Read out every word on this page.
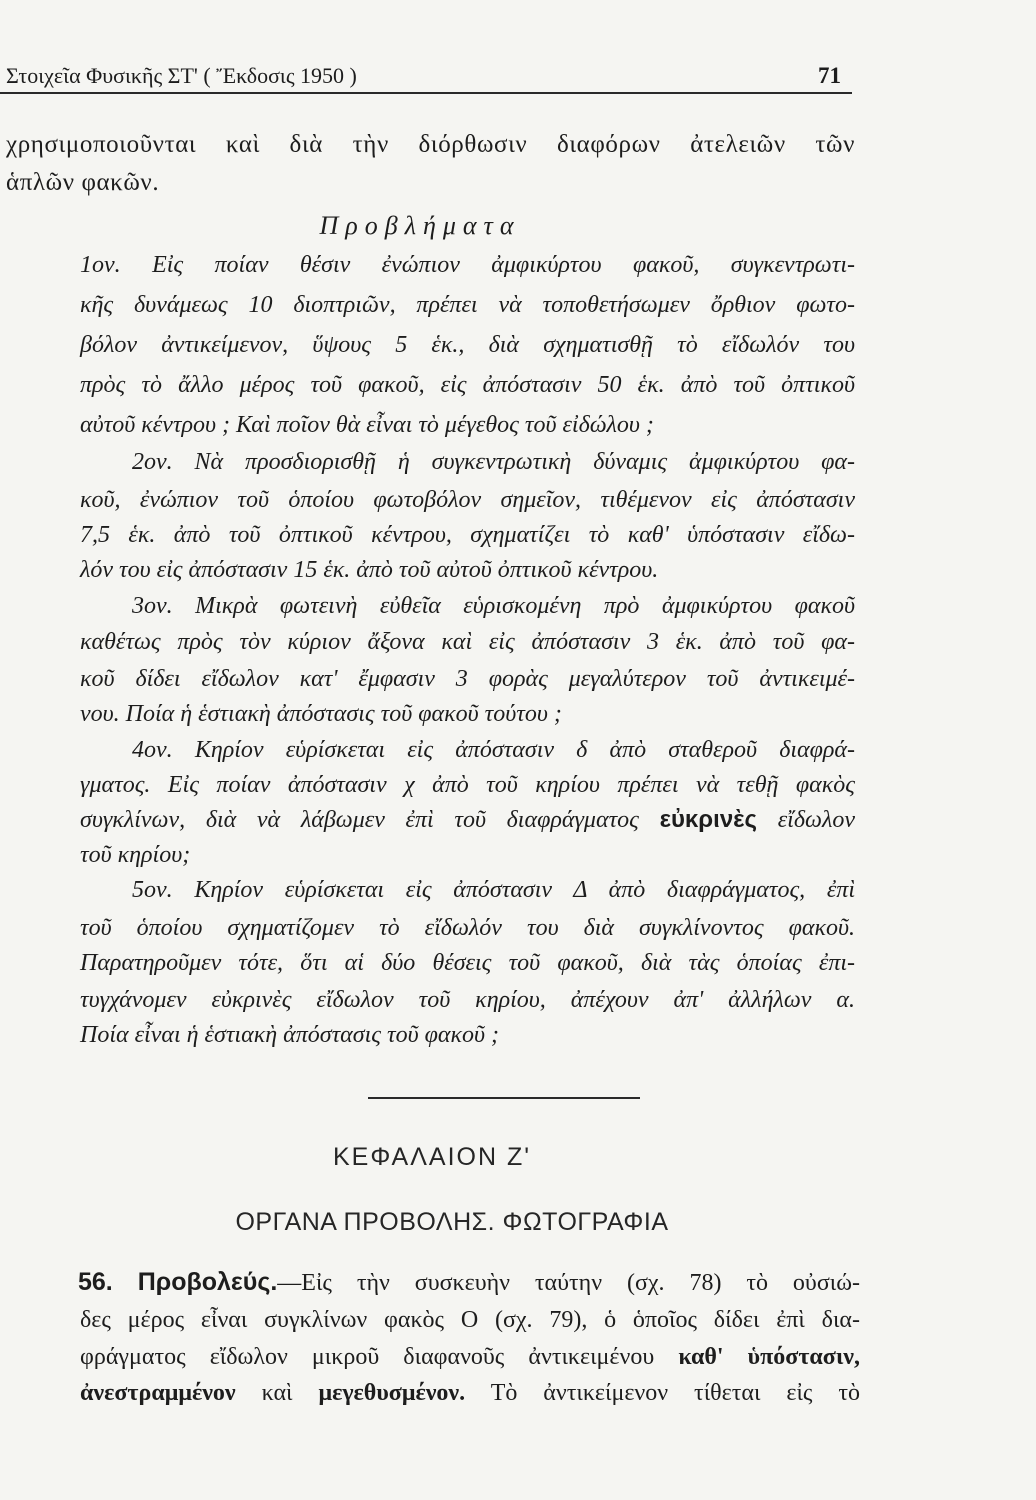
Στοιχεῖα Φυσικῆς ΣΤ' ( Ἔκδοσις 1950 )	71
χρησιμοποιοῦνται καὶ διὰ τὴν διόρθωσιν διαφόρων ἀτελειῶν τῶν
ἁπλῶν φακῶν.
Προβλήματα
1ον. Εἰς ποίαν θέσιν ἐνώπιον ἀμφικύρτου φακοῦ, συγκεντρωτι-
κῆς δυνάμεως 10 διοπτριῶν, πρέπει νὰ τοποθετήσωμεν ὄρθιον φωτο-
βόλον ἀντικείμενον, ὕψους 5 ἑκ., διὰ σχηματισθῇ τὸ εἴδωλόν του
πρὸς τὸ ἄλλο μέρος τοῦ φακοῦ, εἰς ἀπόστασιν 50 ἑκ. ἀπὸ τοῦ ὀπτικοῦ
αὐτοῦ κέντρου ; Καὶ ποῖον θὰ εἶναι τὸ μέγεθος τοῦ εἰδώλου ;
2ον. Νὰ προσδιορισθῇ ἡ συγκεντρωτικὴ δύναμις ἀμφικύρτου φα-
κοῦ, ἐνώπιον τοῦ ὁποίου φωτοβόλον σημεῖον, τιθέμενον εἰς ἀπόστασιν
7,5 ἑκ. ἀπὸ τοῦ ὀπτικοῦ κέντρου, σχηματίζει τὸ καθ' ὑπόστασιν εἴδω-
λόν του εἰς ἀπόστασιν 15 ἑκ. ἀπὸ τοῦ αὐτοῦ ὀπτικοῦ κέντρου.
3ον. Μικρὰ φωτεινὴ εὐθεῖα εὑρισκομένη πρὸ ἀμφικύρτου φακοῦ
καθέτως πρὸς τὸν κύριον ἄξονα καὶ εἰς ἀπόστασιν 3 ἑκ. ἀπὸ τοῦ φα-
κοῦ δίδει εἴδωλον κατ' ἔμφασιν 3 φορὰς μεγαλύτερον τοῦ ἀντικειμέ-
νου. Ποία ἡ ἑστιακὴ ἀπόστασις τοῦ φακοῦ τούτου ;
4ον. Κηρίον εὑρίσκεται εἰς ἀπόστασιν δ ἀπὸ σταθεροῦ διαφρά-
γματος. Εἰς ποίαν ἀπόστασιν χ ἀπὸ τοῦ κηρίου πρέπει νὰ τεθῇ φακὸς
συγκλίνων, διὰ νὰ λάβωμεν ἐπὶ τοῦ διαφράγματος εὐκρινὲς εἴδωλον
τοῦ κηρίου;
5ον. Κηρίον εὑρίσκεται εἰς ἀπόστασιν Δ ἀπὸ διαφράγματος, ἐπὶ
τοῦ ὁποίου σχηματίζομεν τὸ εἴδωλόν του διὰ συγκλίνοντος φακοῦ.
Παρατηροῦμεν τότε, ὅτι αἱ δύο θέσεις τοῦ φακοῦ, διὰ τὰς ὁποίας ἐπι-
τυγχάνομεν εὐκρινὲς εἴδωλον τοῦ κηρίου, ἀπέχουν ἀπ' ἀλλήλων α.
Ποία εἶναι ἡ ἑστιακὴ ἀπόστασις τοῦ φακοῦ ;
ΚΕΦΑΛΑΙΟΝ Ζ'
ΟΡΓΑΝΑ ΠΡΟΒΟΛΗΣ. ΦΩΤΟΓΡΑΦΙΑ
56. Προβολεύς.—Εἰς τὴν συσκευὴν ταύτην (σχ. 78) τὸ οὐσιώ-
δες μέρος εἶναι συγκλίνων φακὸς Ο (σχ. 79), ὁ ὁποῖος δίδει ἐπὶ δια-
φράγματος εἴδωλον μικροῦ διαφανοῦς ἀντικειμένου καθ' ὑπόστασιν,
ἀνεστραμμένον καὶ μεγεθυσμένον. Τὸ ἀντικείμενον τίθεται εἰς τὸ
